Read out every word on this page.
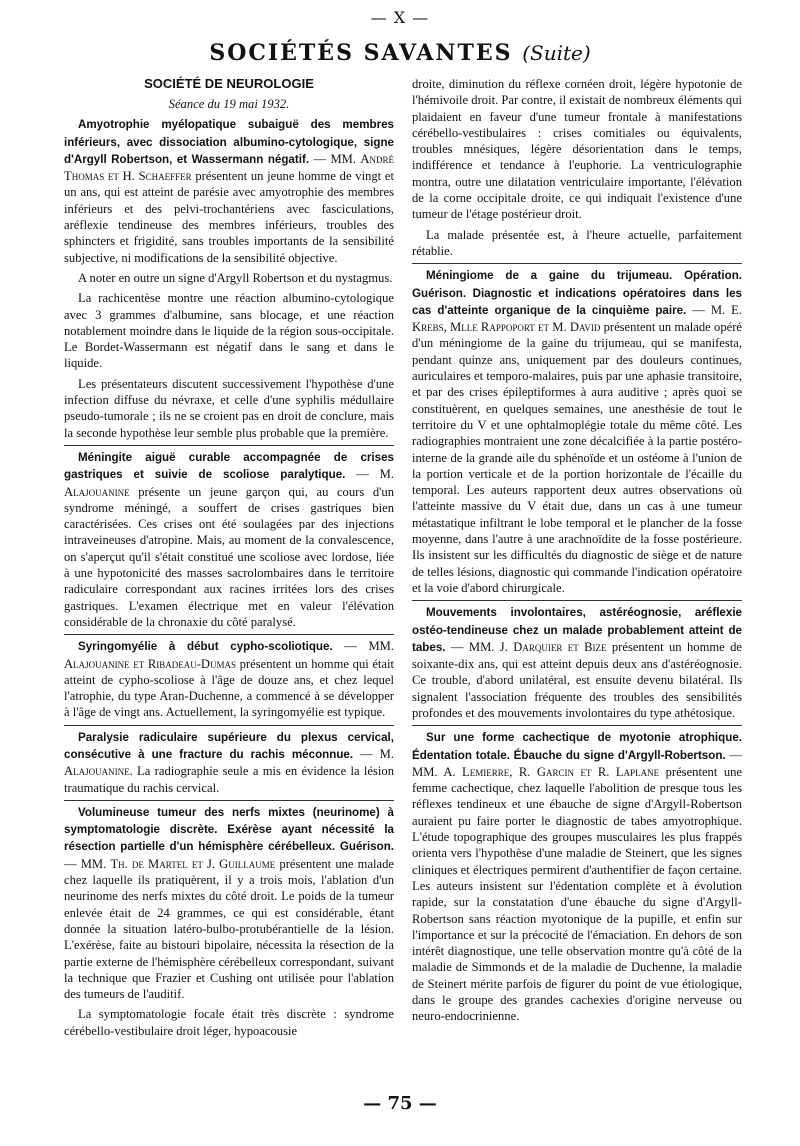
— X —
SOCIÉTÉS SAVANTES (Suite)

SOCIÉTÉ DE NEUROLOGIE

Séance du 19 mai 1932.

Amyotrophie myélopatique subaiguë des membres inférieurs, avec dissociation albumino-cytologique, signe d'Argyll Robertson, et Wassermann négatif. — MM. André Thomas et H. Schaeffer présentent un jeune homme de vingt et un ans, qui est atteint de parésie avec amyotrophie des membres inférieurs et des pelvi-trochantériens avec fasciculations, aréflexie tendineuse des membres inférieurs, troubles des sphincters et frigidité, sans troubles importants de la sensibilité subjective, ni modifications de la sensibilité objective.

A noter en outre un signe d'Argyll Robertson et du nystagmus.

La rachicentèse montre une réaction albumino-cytologique avec 3 grammes d'albumine, sans blocage, et une réaction notablement moindre dans le liquide de la région sous-occipitale. Le Bordet-Wassermann est négatif dans le sang et dans le liquide.

Les présentateurs discutent successivement l'hypothèse d'une infection diffuse du névraxe, et celle d'une syphilis médullaire pseudo-tumorale ; ils ne se croient pas en droit de conclure, mais la seconde hypothèse leur semble plus probable que la première.

Méningite aiguë curable accompagnée de crises gastriques et suivie de scoliose paralytique. — M. Alajouanine présente un jeune garçon qui, au cours d'un syndrome méningé, a souffert de crises gastriques bien caractérisées. Ces crises ont été soulagées par des injections intraveineuses d'atropine. Mais, au moment de la convalescence, on s'aperçut qu'il s'était constitué une scoliose avec lordose, liée à une hypotonicité des masses sacrolombaires dans le territoire radiculaire correspondant aux racines irritées lors des crises gastriques. L'examen électrique met en valeur l'élévation considérable de la chronaxie du côté paralysé.

Syringomyélie à début cypho-scoliotique. — MM. Alajouanine et Ribadeau-Dumas présentent un homme qui était atteint de cypho-scoliose à l'âge de douze ans, et chez lequel l'atrophie, du type Aran-Duchenne, a commencé à se développer à l'âge de vingt ans. Actuellement, la syringomyélie est typique.

Paralysie radiculaire supérieure du plexus cervical, consécutive à une fracture du rachis méconnue. — M. Alajouanine. La radiographie seule a mis en évidence la lésion traumatique du rachis cervical.

Volumineuse tumeur des nerfs mixtes (neurinome) à symptomatologie discrète. Exérèse ayant nécessité la résection partielle d'un hémisphère cérébelleux. Guérison. — MM. Th. de Martel et J. Guillaume présentent une malade chez laquelle ils pratiquèrent, il y a trois mois, l'ablation d'un neurinome des nerfs mixtes du côté droit. Le poids de la tumeur enlevée était de 24 grammes, ce qui est considérable, étant donnée la situation latéro-bulbo-protubérantielle de la lésion. L'exérèse, faite au bistouri bipolaire, nécessita la résection de la partie externe de l'hémisphère cérébelleux correspondant, suivant la technique que Frazier et Cushing ont utilisée pour l'ablation des tumeurs de l'auditif.

La symptomatologie focale était très discrète : syndrome cérébello-vestibulaire droit léger, hypoacousie

droite, diminution du réflexe cornéen droit, légère hypotonie de l'hémivoile droit. Par contre, il existait de nombreux éléments qui plaidaient en faveur d'une tumeur frontale à manifestations cérébello-vestibulaires : crises comitiales ou équivalents, troubles mnésiques, légère désorientation dans le temps, indifférence et tendance à l'euphorie. La ventriculographie montra, outre une dilatation ventriculaire importante, l'élévation de la corne occipitale droite, ce qui indiquait l'existence d'une tumeur de l'étage postérieur droit.

La malade présentée est, à l'heure actuelle, parfaitement rétablie.

Méningiome de a gaine du trijumeau. Opération. Guérison. Diagnostic et indications opératoires dans les cas d'atteinte organique de la cinquième paire. — M. E. Krebs, Mlle Rappoport et M. David présentent un malade opéré d'un méningiome de la gaine du trijumeau, qui se manifesta, pendant quinze ans, uniquement par des douleurs continues, auriculaires et temporo-malaires, puis par une aphasie transitoire, et par des crises épileptiformes à aura auditive ; après quoi se constituèrent, en quelques semaines, une anesthésie de tout le territoire du V et une ophtalmoplégie totale du même côté. Les radiographies montraient une zone décalcifiée à la partie postéro-interne de la grande aile du sphénoïde et un ostéome à l'union de la portion verticale et de la portion horizontale de l'écaille du temporal. Les auteurs rapportent deux autres observations où l'atteinte massive du V était due, dans un cas à une tumeur métastatique infiltrant le lobe temporal et le plancher de la fosse moyenne, dans l'autre à une arachnoïdite de la fosse postérieure. Ils insistent sur les difficultés du diagnostic de siège et de nature de telles lésions, diagnostic qui commande l'indication opératoire et la voie d'abord chirurgicale.

Mouvements involontaires, astéréognosie, aréflexie ostéo-tendineuse chez un malade probablement atteint de tabes. — MM. J. Darquier et Bize présentent un homme de soixante-dix ans, qui est atteint depuis deux ans d'astéréognosie. Ce trouble, d'abord unilatéral, est ensuite devenu bilatéral. Ils signalent l'association fréquente des troubles des sensibilités profondes et des mouvements involontaires du type athétosique.

Sur une forme cachectique de myotonie atrophique. Édentation totale. Ébauche du signe d'Argyll-Robertson. — MM. A. Lemierre, R. Garcin et R. Laplane présentent une femme cachectique, chez laquelle l'abolition de presque tous les réflexes tendineux et une ébauche de signe d'Argyll-Robertson auraient pu faire porter le diagnostic de tabes amyotrophique. L'étude topographique des groupes musculaires les plus frappés orienta vers l'hypothèse d'une maladie de Steinert, que les signes cliniques et électriques permirent d'authentifier de façon certaine. Les auteurs insistent sur l'édentation complète et à évolution rapide, sur la constatation d'une ébauche du signe d'Argyll-Robertson sans réaction myotonique de la pupille, et enfin sur l'importance et sur la précocité de l'émaciation. En dehors de son intérêt diagnostique, une telle observation montre qu'à côté de la maladie de Simmonds et de la maladie de Duchenne, la maladie de Steinert mérite parfois de figurer du point de vue étiologique, dans le groupe des grandes cachexies d'origine nerveuse ou neuro-endocrinienne.

— 75 —
